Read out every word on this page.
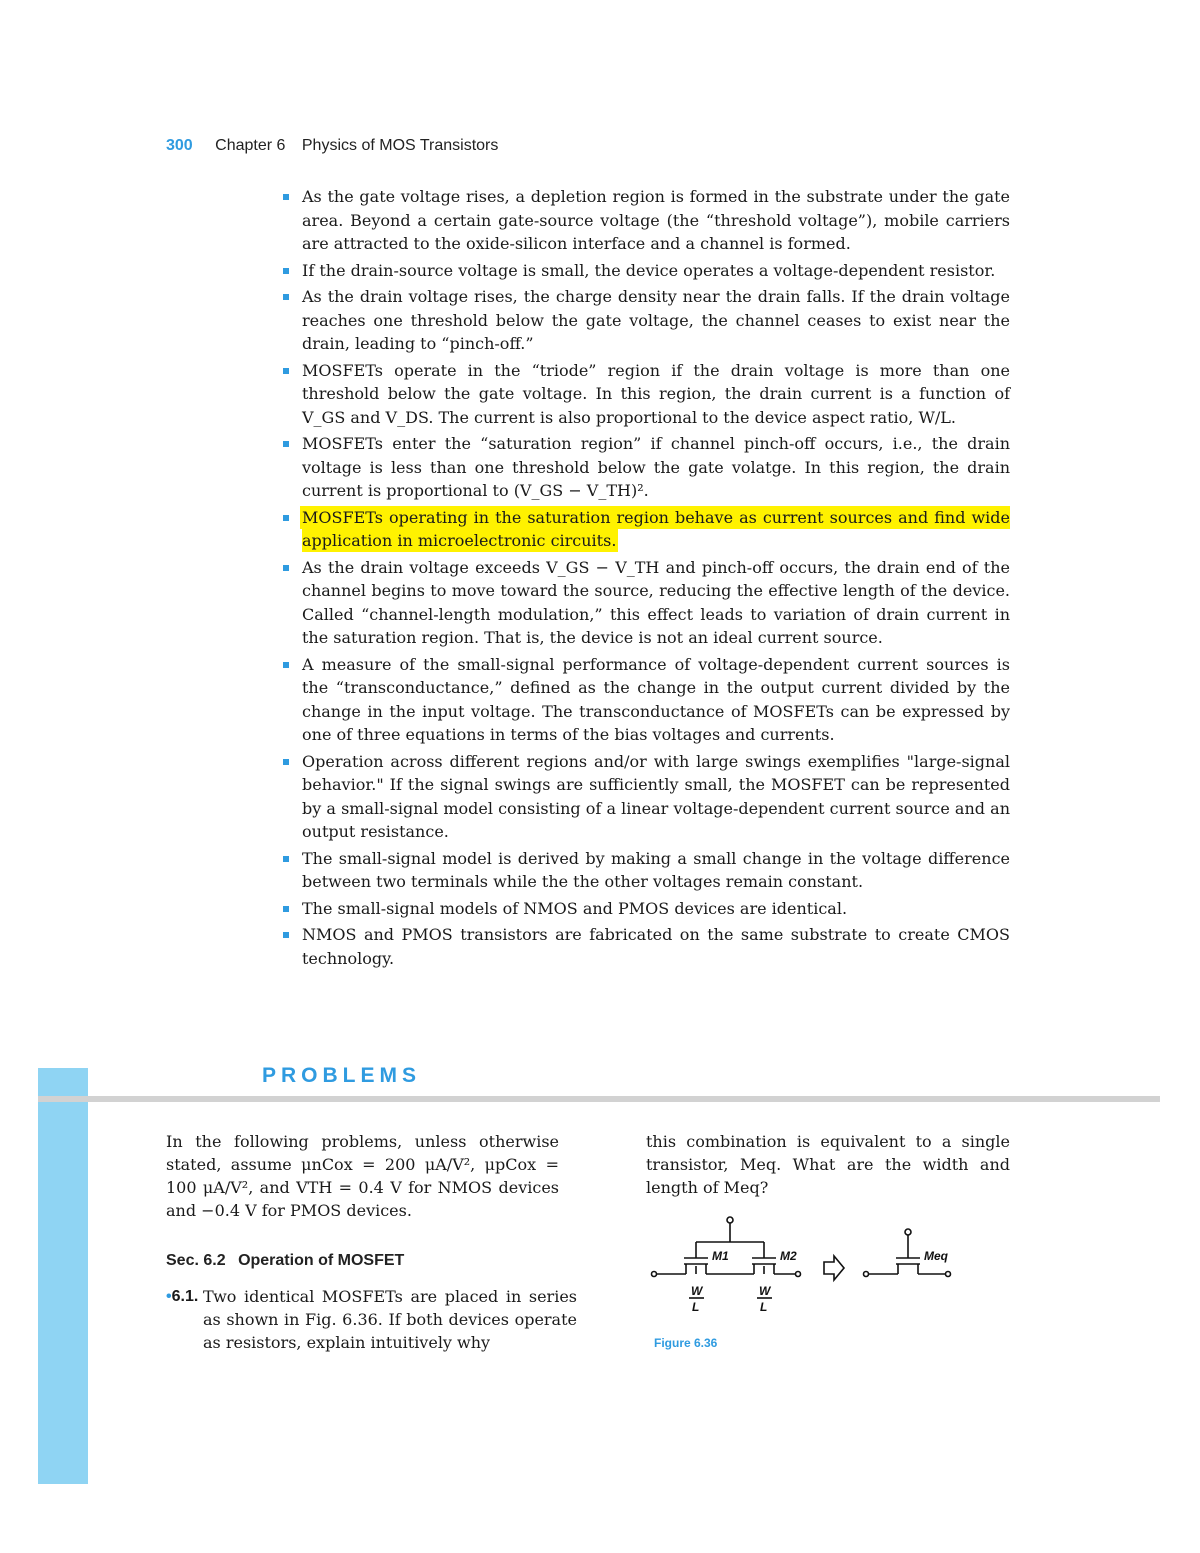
300 Chapter 6 Physics of MOS Transistors
As the gate voltage rises, a depletion region is formed in the substrate under the gate area. Beyond a certain gate-source voltage (the “threshold voltage”), mobile carriers are attracted to the oxide-silicon interface and a channel is formed.
If the drain-source voltage is small, the device operates a voltage-dependent resistor.
As the drain voltage rises, the charge density near the drain falls. If the drain voltage reaches one threshold below the gate voltage, the channel ceases to exist near the drain, leading to “pinch-off.”
MOSFETs operate in the “triode” region if the drain voltage is more than one threshold below the gate voltage. In this region, the drain current is a function of V_GS and V_DS. The current is also proportional to the device aspect ratio, W/L.
MOSFETs enter the “saturation region” if channel pinch-off occurs, i.e., the drain voltage is less than one threshold below the gate volatge. In this region, the drain current is proportional to (V_GS − V_TH)².
MOSFETs operating in the saturation region behave as current sources and find wide application in microelectronic circuits.
As the drain voltage exceeds V_GS − V_TH and pinch-off occurs, the drain end of the channel begins to move toward the source, reducing the effective length of the device. Called “channel-length modulation,” this effect leads to variation of drain current in the saturation region. That is, the device is not an ideal current source.
A measure of the small-signal performance of voltage-dependent current sources is the “transconductance,” defined as the change in the output current divided by the change in the input voltage. The transconductance of MOSFETs can be expressed by one of three equations in terms of the bias voltages and currents.
Operation across different regions and/or with large swings exemplifies "large-signal behavior." If the signal swings are sufficiently small, the MOSFET can be represented by a small-signal model consisting of a linear voltage-dependent current source and an output resistance.
The small-signal model is derived by making a small change in the voltage difference between two terminals while the the other voltages remain constant.
The small-signal models of NMOS and PMOS devices are identical.
NMOS and PMOS transistors are fabricated on the same substrate to create CMOS technology.
PROBLEMS
In the following problems, unless otherwise stated, assume μnCox = 200 μA/V², μpCox = 100 μA/V², and VTH = 0.4 V for NMOS devices and −0.4 V for PMOS devices.
Sec. 6.2 Operation of MOSFET
•6.1. Two identical MOSFETs are placed in series as shown in Fig. 6.36. If both devices operate as resistors, explain intuitively why
this combination is equivalent to a single transistor, Meq. What are the width and length of Meq?
M1	M2	Meq
W
L
W
L
Figure 6.36
